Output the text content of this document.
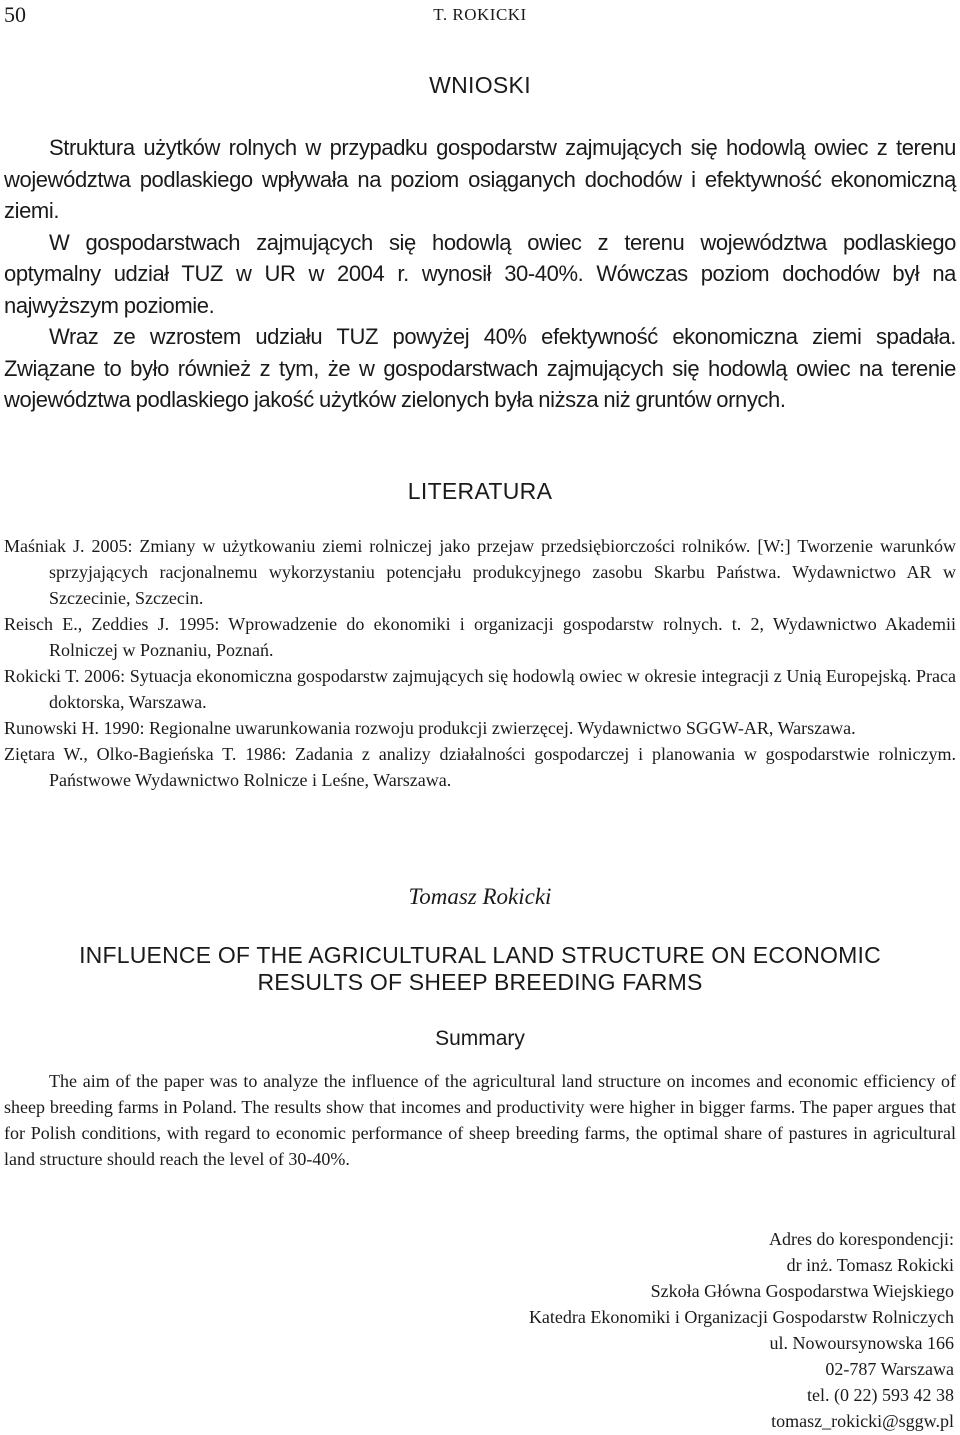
50	T. ROKICKI
WNIOSKI

Struktura użytków rolnych w przypadku gospodarstw zajmujących się hodowlą owiec z terenu województwa podlaskiego wpływała na poziom osiąganych dochodów i efektywność ekonomiczną ziemi.

W gospodarstwach zajmujących się hodowlą owiec z terenu województwa podlaskiego optymalny udział TUZ w UR w 2004 r. wynosił 30-40%. Wówczas poziom dochodów był na najwyższym poziomie.

Wraz ze wzrostem udziału TUZ powyżej 40% efektywność ekonomiczna ziemi spadała. Związane to było również z tym, że w gospodarstwach zajmujących się hodowlą owiec na terenie województwa podlaskiego jakość użytków zielonych była niższa niż gruntów ornych.

LITERATURA

Maśniak J. 2005: Zmiany w użytkowaniu ziemi rolniczej jako przejaw przedsiębiorczości rolników. [W:] Tworzenie warunków sprzyjających racjonalnemu wykorzystaniu potencjału produkcyjnego zasobu Skarbu Państwa. Wydawnictwo AR w Szczecinie, Szczecin.

Reisch E., Zeddies J. 1995: Wprowadzenie do ekonomiki i organizacji gospodarstw rolnych. t. 2, Wydawnictwo Akademii Rolniczej w Poznaniu, Poznań.

Rokicki T. 2006: Sytuacja ekonomiczna gospodarstw zajmujących się hodowlą owiec w okresie integracji z Unią Europejską. Praca doktorska, Warszawa.

Runowski H. 1990: Regionalne uwarunkowania rozwoju produkcji zwierzęcej. Wydawnictwo SGGW-AR, Warszawa.

Ziętara W., Olko-Bagieńska T. 1986: Zadania z analizy działalności gospodarczej i planowania w gospodarstwie rolniczym. Państwowe Wydawnictwo Rolnicze i Leśne, Warszawa.

Tomasz Rokicki
INFLUENCE OF THE AGRICULTURAL LAND STRUCTURE ON ECONOMIC
RESULTS OF SHEEP BREEDING FARMS
Summary

The aim of the paper was to analyze the influence of the agricultural land structure on incomes and economic efficiency of sheep breeding farms in Poland. The results show that incomes and productivity were higher in bigger farms. The paper argues that for Polish conditions, with regard to economic performance of sheep breeding farms, the optimal share of pastures in agricultural land structure should reach the level of 30-40%.

Adres do korespondencji:
dr inż. Tomasz Rokicki
Szkoła Główna Gospodarstwa Wiejskiego
Katedra Ekonomiki i Organizacji Gospodarstw Rolniczych
ul. Nowoursynowska 166
02-787 Warszawa
tel. (0 22) 593 42 38
tomasz_rokicki@sggw.pl
